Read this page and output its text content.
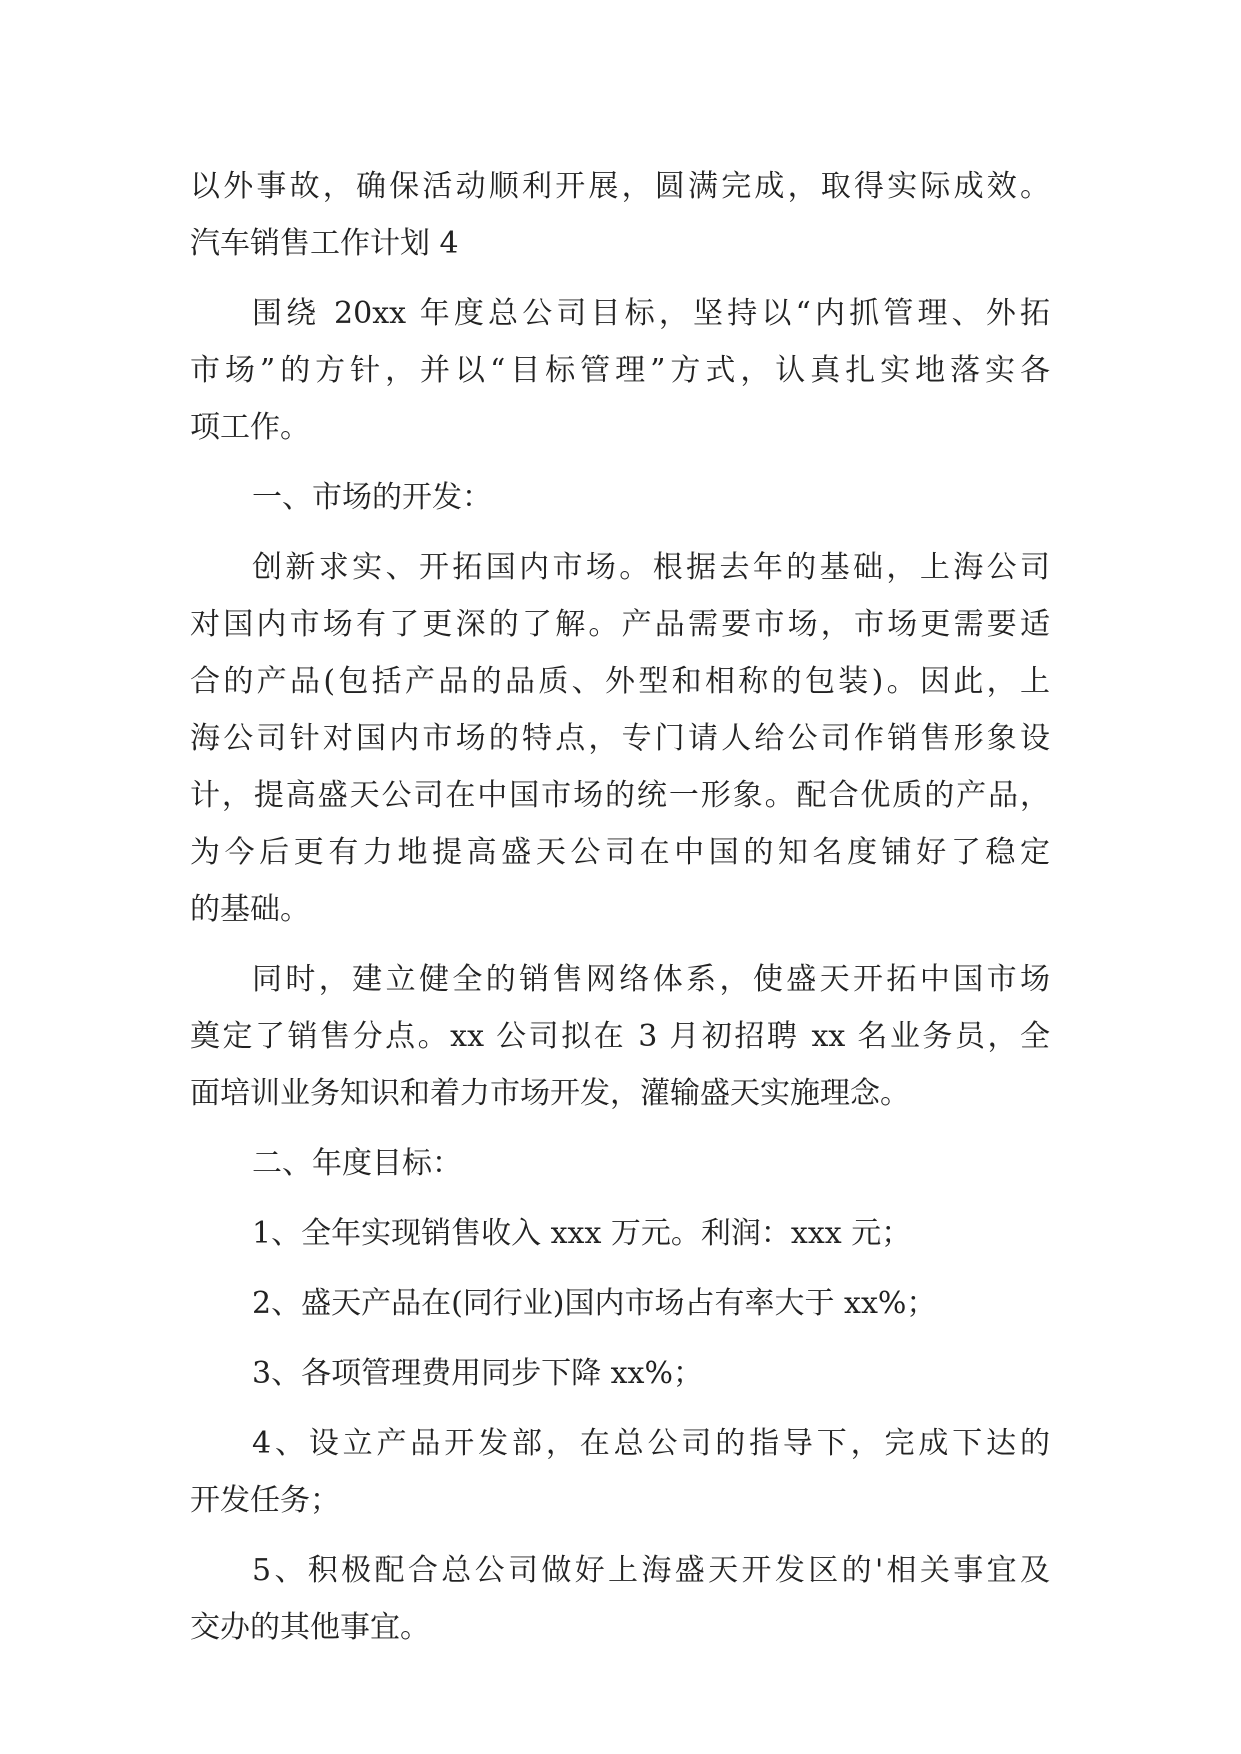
以外事故，确保活动顺利开展，圆满完成，取得实际成效。
汽车销售工作计划 4
围绕 20xx 年度总公司目标，坚持以“内抓管理、外拓
市场”的方针，并以“目标管理”方式，认真扎实地落实各
项工作。
一、市场的开发：
创新求实、开拓国内市场。根据去年的基础，上海公司
对国内市场有了更深的了解。产品需要市场，市场更需要适
合的产品(包括产品的品质、外型和相称的包装)。因此，上
海公司针对国内市场的特点，专门请人给公司作销售形象设
计，提高盛天公司在中国市场的统一形象。配合优质的产品，
为今后更有力地提高盛天公司在中国的知名度铺好了稳定
的基础。
同时，建立健全的销售网络体系，使盛天开拓中国市场
奠定了销售分点。xx 公司拟在 3 月初招聘 xx 名业务员，全
面培训业务知识和着力市场开发，灌输盛天实施理念。
二、年度目标：
1、全年实现销售收入 xxx 万元。利润：xxx 元；
2、盛天产品在(同行业)国内市场占有率大于 xx%；
3、各项管理费用同步下降 xx%；
4、设立产品开发部，在总公司的指导下，完成下达的
开发任务；
5、积极配合总公司做好上海盛天开发区的'相关事宜及
交办的其他事宜。
